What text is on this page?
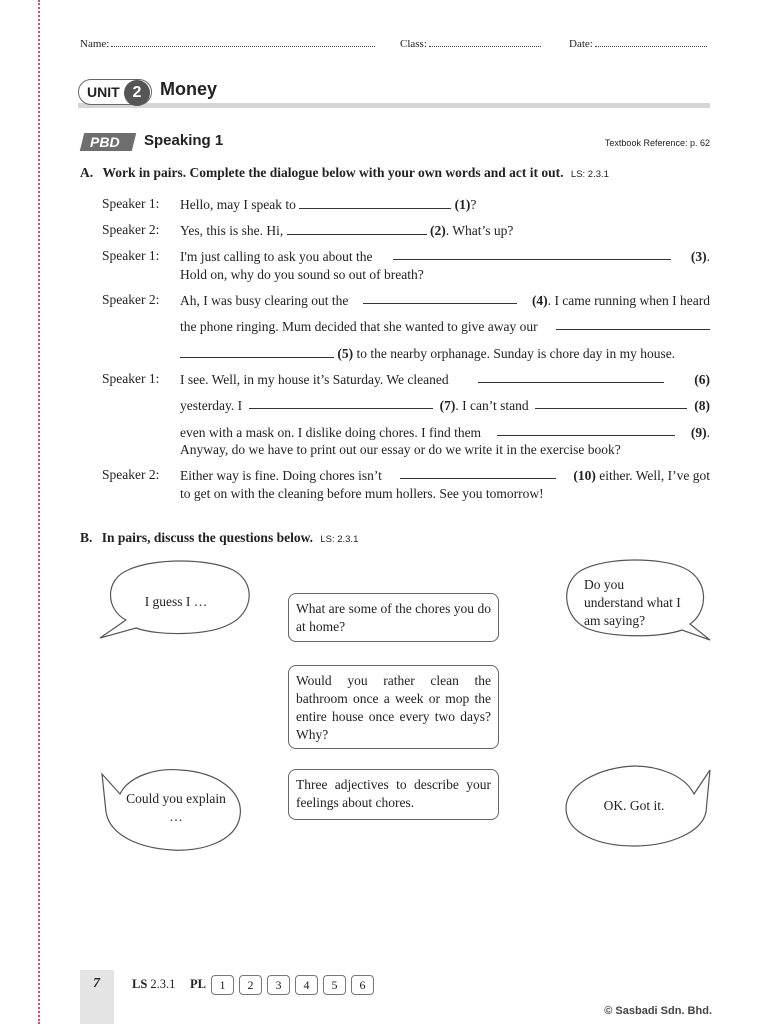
Name:	Class:	Date:
UNIT 2	Money
PBD Speaking 1	Textbook Reference: p. 62
A. Work in pairs. Complete the dialogue below with your own words and act it out. LS: 2.3.1
Speaker 1: Hello, may I speak to	(1)?
Speaker 2: Yes, this is she. Hi,	(2). What’s up?
Speaker 1: I'm just calling to ask you about the	(3).
Hold on, why do you sound so out of breath?
Speaker 2: Ah, I was busy clearing out the	(4). I came running when I heard
the phone ringing. Mum decided that she wanted to give away our
(5) to the nearby orphanage. Sunday is chore day in my house.
Speaker 1: I see. Well, in my house it’s Saturday. We cleaned	(6)
yesterday. I	(7). I can’t stand	(8)
even with a mask on. I dislike doing chores. I find them	(9).
Anyway, do we have to print out our essay or do we write it in the exercise book?
Speaker 2: Either way is fine. Doing chores isn’t	(10) either. Well, I’ve got
to get on with the cleaning before mum hollers. See you tomorrow!
B. In pairs, discuss the questions below. LS: 2.3.1
I guess I …
Do you understand what I am saying?
Could you explain …
OK. Got it.
What are some of the chores you do at home?
Would you rather clean the bathroom once a week or mop the entire house once every two days? Why?
Three adjectives to describe your feelings about chores.
7	LS 2.3.1 PL	1	2	3	4	5	6
© Sasbadi Sdn. Bhd.
